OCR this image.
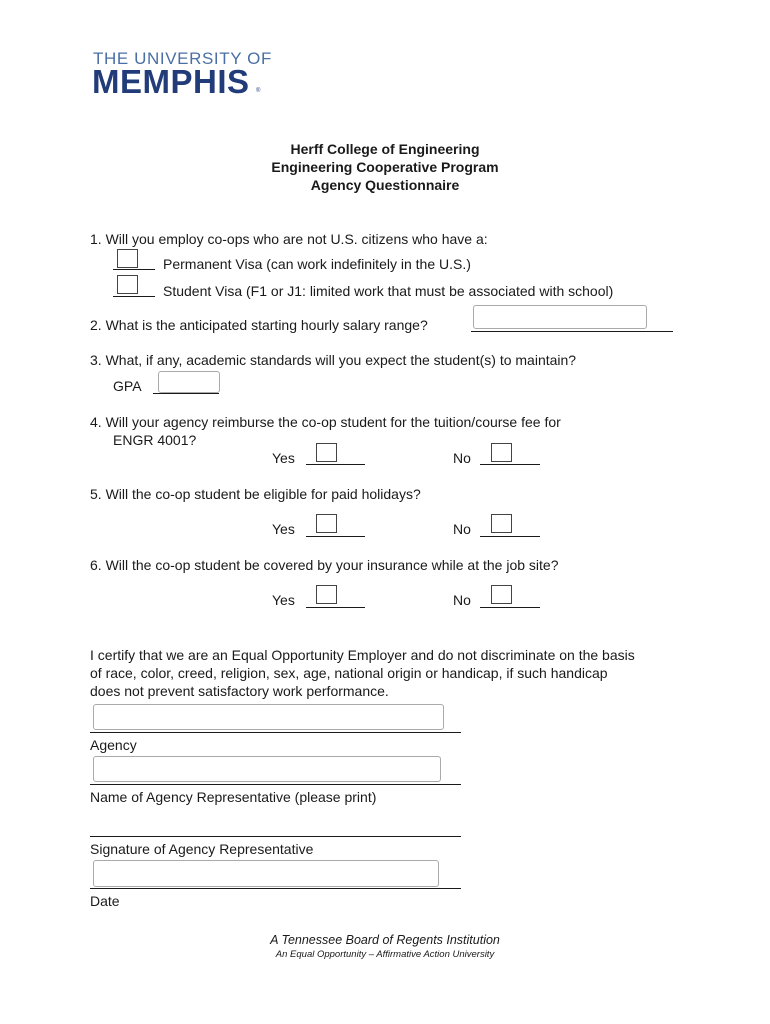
THE UNIVERSITY OF
MEMPHIS ®
Herff College of Engineering
Engineering Cooperative Program
Agency Questionnaire
1. Will you employ co-ops who are not U.S. citizens who have a:
Permanent Visa (can work indefinitely in the U.S.)
Student Visa (F1 or J1: limited work that must be associated with school)
2. What is the anticipated starting hourly salary range?
3. What, if any, academic standards will you expect the student(s) to maintain?
GPA
4. Will your agency reimburse the co-op student for the tuition/course fee for
ENGR 4001?
Yes	No
5. Will the co-op student be eligible for paid holidays?
Yes	No
6. Will the co-op student be covered by your insurance while at the job site?
Yes	No
I certify that we are an Equal Opportunity Employer and do not discriminate on the basis
of race, color, creed, religion, sex, age, national origin or handicap, if such handicap
does not prevent satisfactory work performance.
Agency
Name of Agency Representative (please print)
Signature of Agency Representative
Date
A Tennessee Board of Regents Institution
An Equal Opportunity – Affirmative Action University
